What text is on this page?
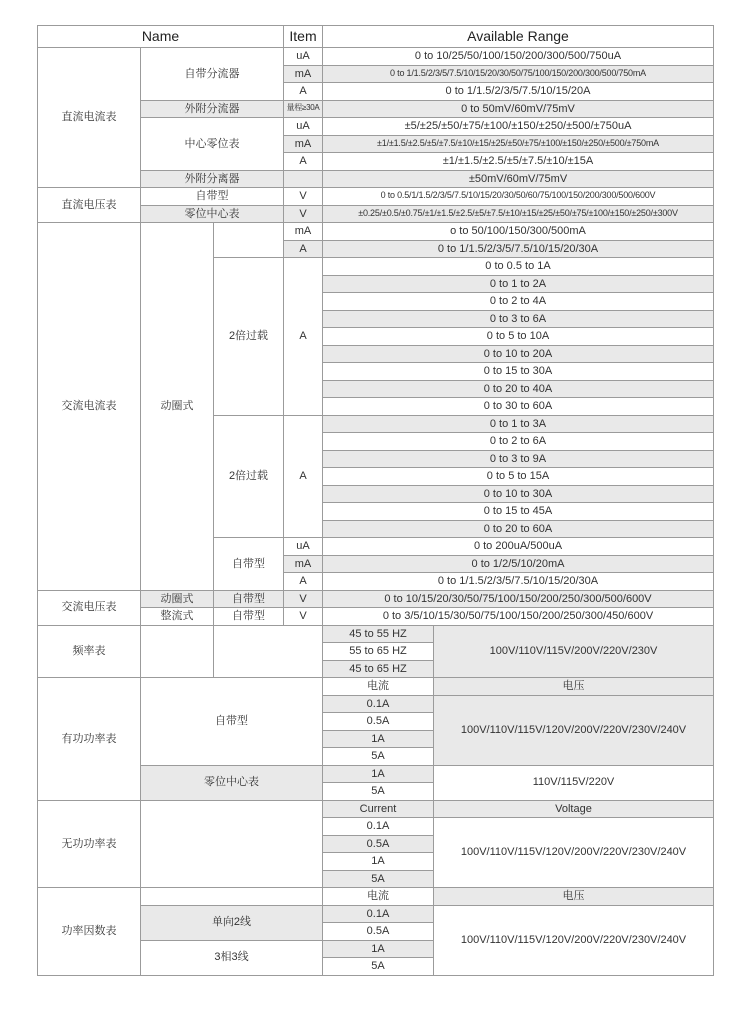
Name			Item	Available Range	
直流电流表	自带分流器		uA	0 to 10/25/50/100/150/200/300/500/750uA	
			mA	0 to 1/1.5/2/3/5/7.5/10/15/20/30/50/75/100/150/200/300/500/750mA	
			A	0 to 1/1.5/2/3/5/7.5/10/15/20A	
	外附分流器		量程≥30A	0 to 50mV/60mV/75mV	
	中心零位表		uA	±5/±25/±50/±75/±100/±150/±250/±500/±750uA	
			mA	±1/±1.5/±2.5/±5/±7.5/±10/±15/±25/±50/±75/±100/±150/±250/±500/±750mA	
			A	±1/±1.5/±2.5/±5/±7.5/±10/±15A	
	外附分离器			±50mV/60mV/75mV	
直流电压表	自带型		V	0 to 0.5/1/1.5/2/3/5/7.5/10/15/20/30/50/60/75/100/150/200/300/500/600V	
	零位中心表		V	±0.25/±0.5/±0.75/±1/±1.5/±2.5/±5/±7.5/±10/±15/±25/±50/±75/±100/±150/±250/±300V	
交流电流表	动圈式		mA	o to 50/100/150/300/500mA	
			A	0 to 1/1.5/2/3/5/7.5/10/15/20/30A	
		2倍过载	A	0 to 0.5 to 1A	
				0 to 1 to 2A	
				0 to 2 to 4A	
				0 to 3 to 6A	
				0 to 5 to 10A	
				0 to 10 to 20A	
				0 to 15 to 30A	
				0 to 20 to 40A	
				0 to 30 to 60A	
		2倍过载	A	0 to 1 to 3A	
				0 to 2 to 6A	
				0 to 3 to 9A	
				0 to 5 to 15A	
				0 to 10 to 30A	
				0 to 15 to 45A	
				0 to 20 to 60A	
		自带型	uA	0 to 200uA/500uA	
			mA	0 to 1/2/5/10/20mA	
			A	0 to 1/1.5/2/3/5/7.5/10/15/20/30A	
交流电压表	动圈式	自带型	V	0 to 10/15/20/30/50/75/100/150/200/250/300/500/600V	
	整流式	自带型	V	0 to 3/5/10/15/30/50/75/100/150/200/250/300/450/600V	
频率表				45 to 55 HZ	100V/110V/115V/200V/220V/230V
				55 to 65 HZ	
				45 to 65 HZ	
有功功率表	自带型			电流	电压
				0.1A	100V/110V/115V/120V/200V/220V/230V/240V
				0.5A	
				1A	
				5A	
	零位中心表			1A	110V/115V/220V
				5A	
无功功率表				Current	Voltage
				0.1A	100V/110V/115V/120V/200V/220V/230V/240V
				0.5A	
				1A	
				5A	
功率因数表				电流	电压
	单向2线			0.1A	100V/110V/115V/120V/200V/220V/230V/240V
				0.5A	
	3相3线			1A	
				5A	
